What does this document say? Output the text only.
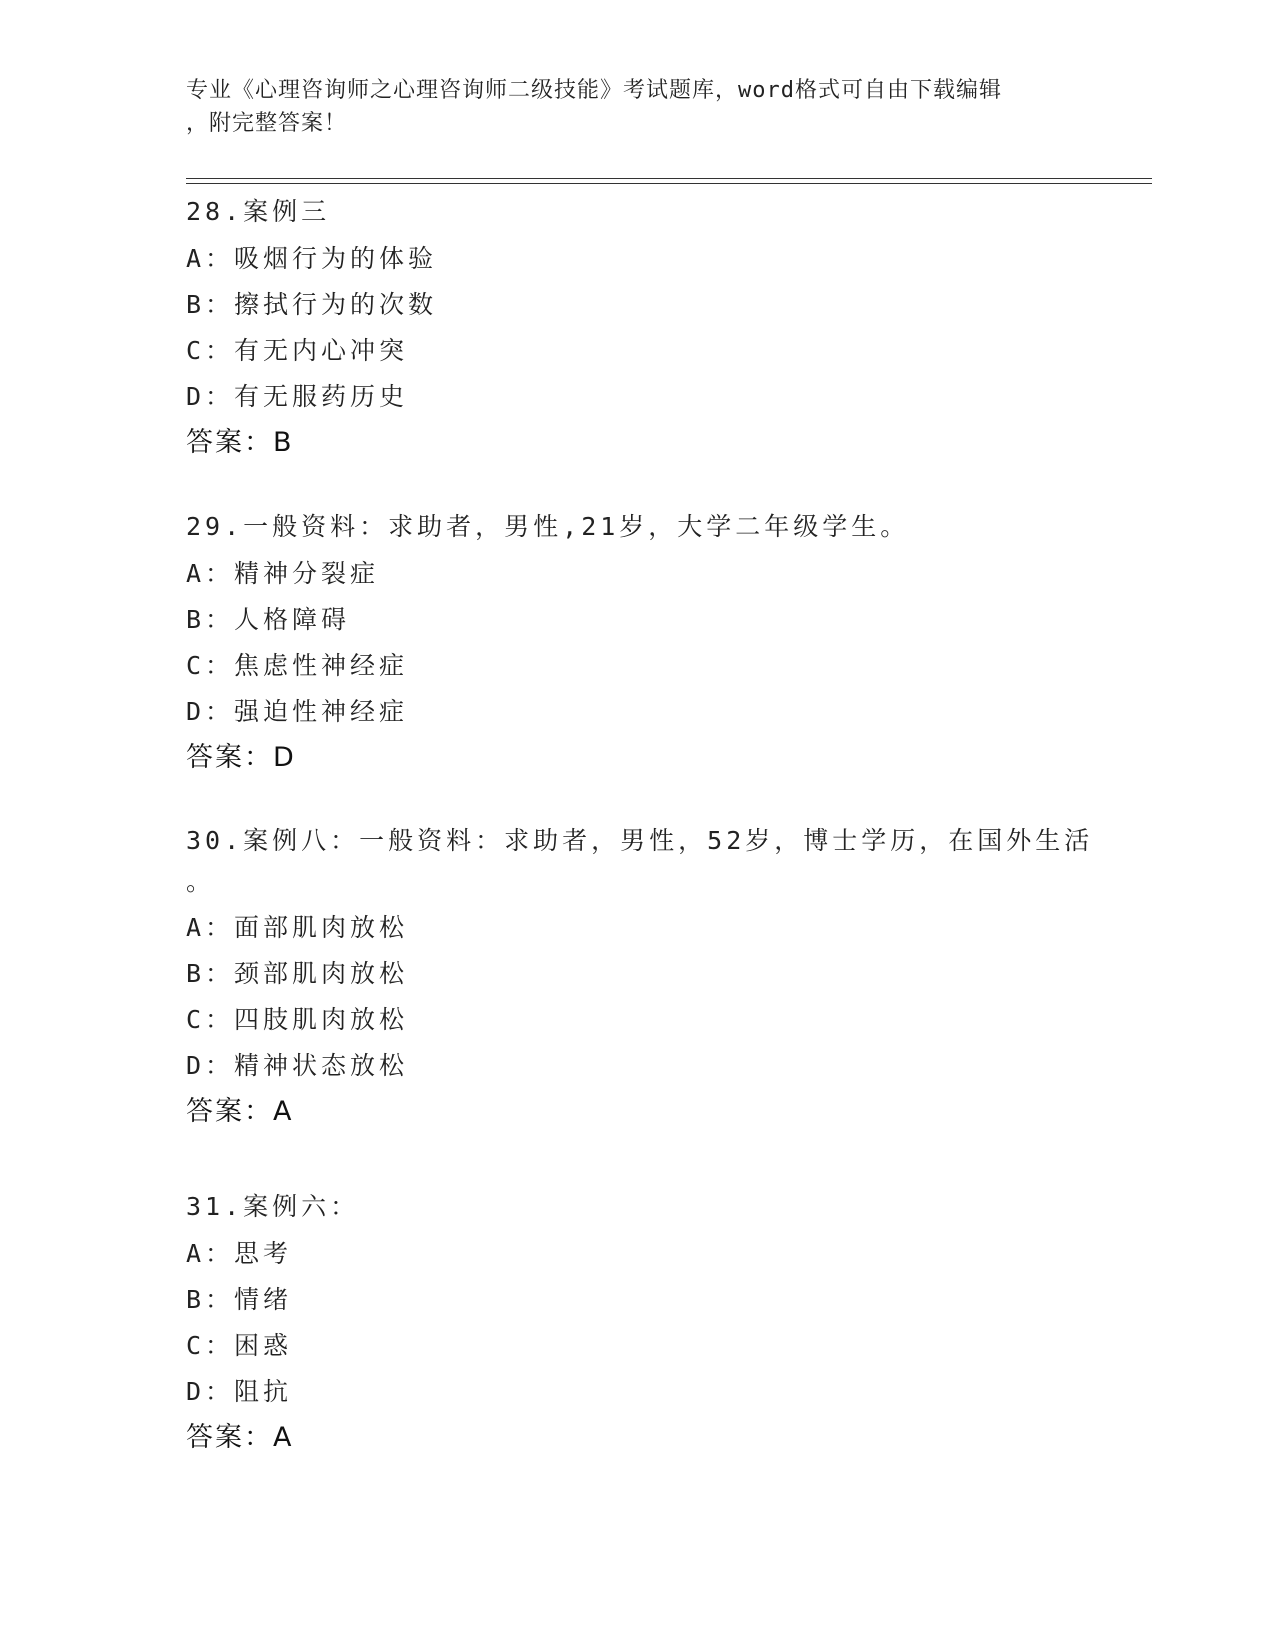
专业《心理咨询师之心理咨询师二级技能》考试题库，word格式可自由下载编辑
，附完整答案！
28.案例三
A：吸烟行为的体验
B：擦拭行为的次数
C：有无内心冲突
D：有无服药历史
答案：B
29.一般资料：求助者，男性,21岁，大学二年级学生。
A：精神分裂症
B：人格障碍
C：焦虑性神经症
D：强迫性神经症
答案：D
30.案例八：一般资料：求助者，男性，52岁，博士学历，在国外生活
。
A：面部肌肉放松
B：颈部肌肉放松
C：四肢肌肉放松
D：精神状态放松
答案：A
31.案例六：
A：思考
B：情绪
C：困惑
D：阻抗
答案：A
